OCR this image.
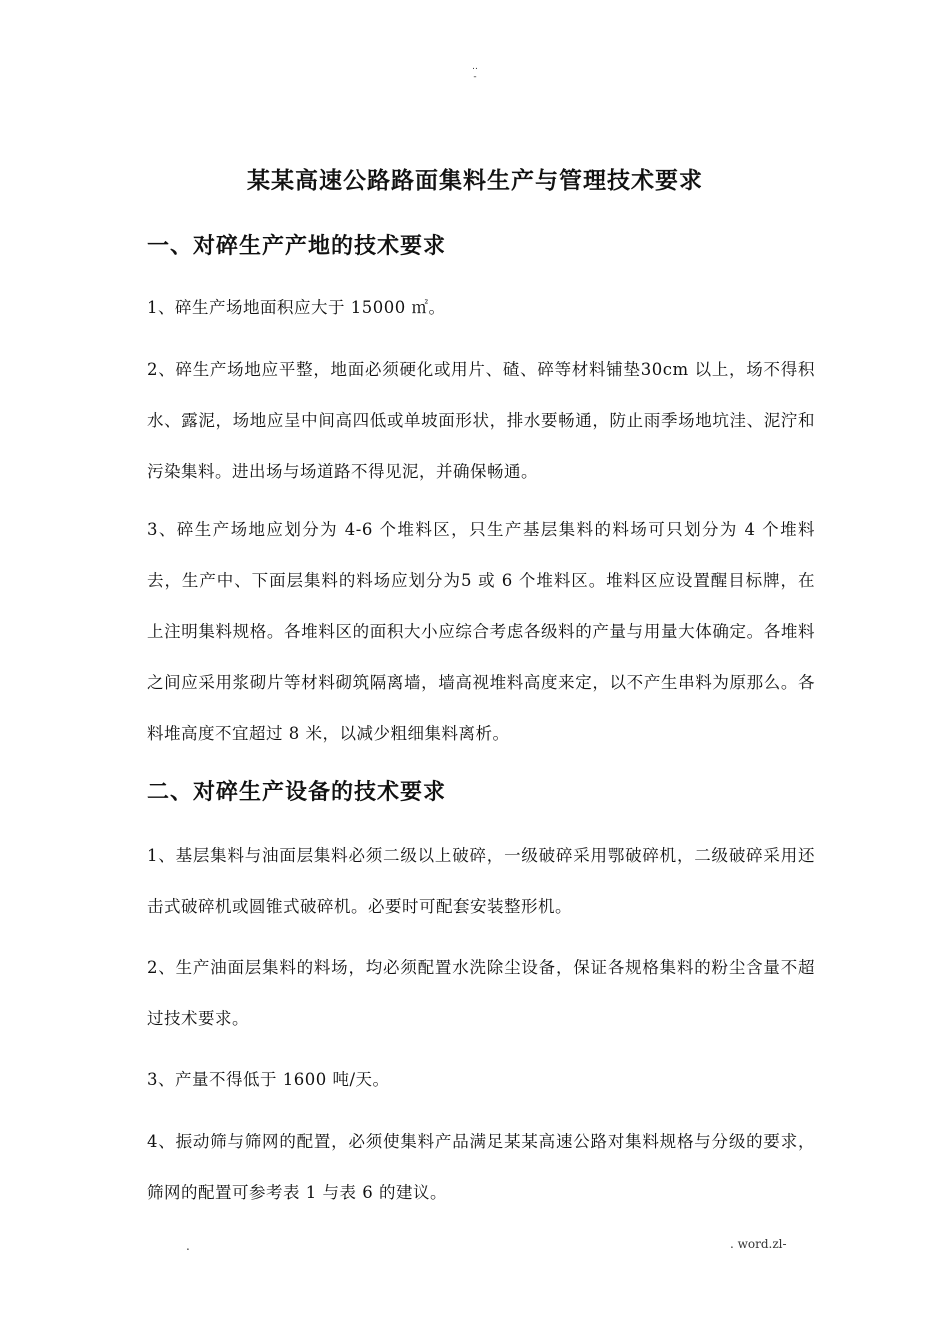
..
-
某某高速公路路面集料生产与管理技术要求
一、对碎生产产地的技术要求

1、碎生产场地面积应大于 15000 ㎡。

2、碎生产场地应平整，地面必须硬化或用片、碴、碎等材料铺垫30cm 以上，场不得积水、露泥，场地应呈中间高四低或单坡面形状，排水要畅通，防止雨季场地坑洼、泥泞和污染集料。进出场与场道路不得见泥，并确保畅通。

3、碎生产场地应划分为 4-6 个堆料区，只生产基层集料的料场可只划分为 4 个堆料去，生产中、下面层集料的料场应划分为5 或 6 个堆料区。堆料区应设置醒目标牌，在上注明集料规格。各堆料区的面积大小应综合考虑各级料的产量与用量大体确定。各堆料之间应采用浆砌片等材料砌筑隔离墙，墙高视堆料高度来定，以不产生串料为原那么。各料堆高度不宜超过 8 米，以减少粗细集料离析。

二、对碎生产设备的技术要求

1、基层集料与油面层集料必须二级以上破碎，一级破碎采用鄂破碎机，二级破碎采用还击式破碎机或圆锥式破碎机。必要时可配套安装整形机。

2、生产油面层集料的料场，均必须配置水洗除尘设备，保证各规格集料的粉尘含量不超过技术要求。

3、产量不得低于 1600 吨/天。

4、振动筛与筛网的配置，必须使集料产品满足某某高速公路对集料规格与分级的要求，筛网的配置可参考表 1 与表 6 的建议。

.	. word.zl-
